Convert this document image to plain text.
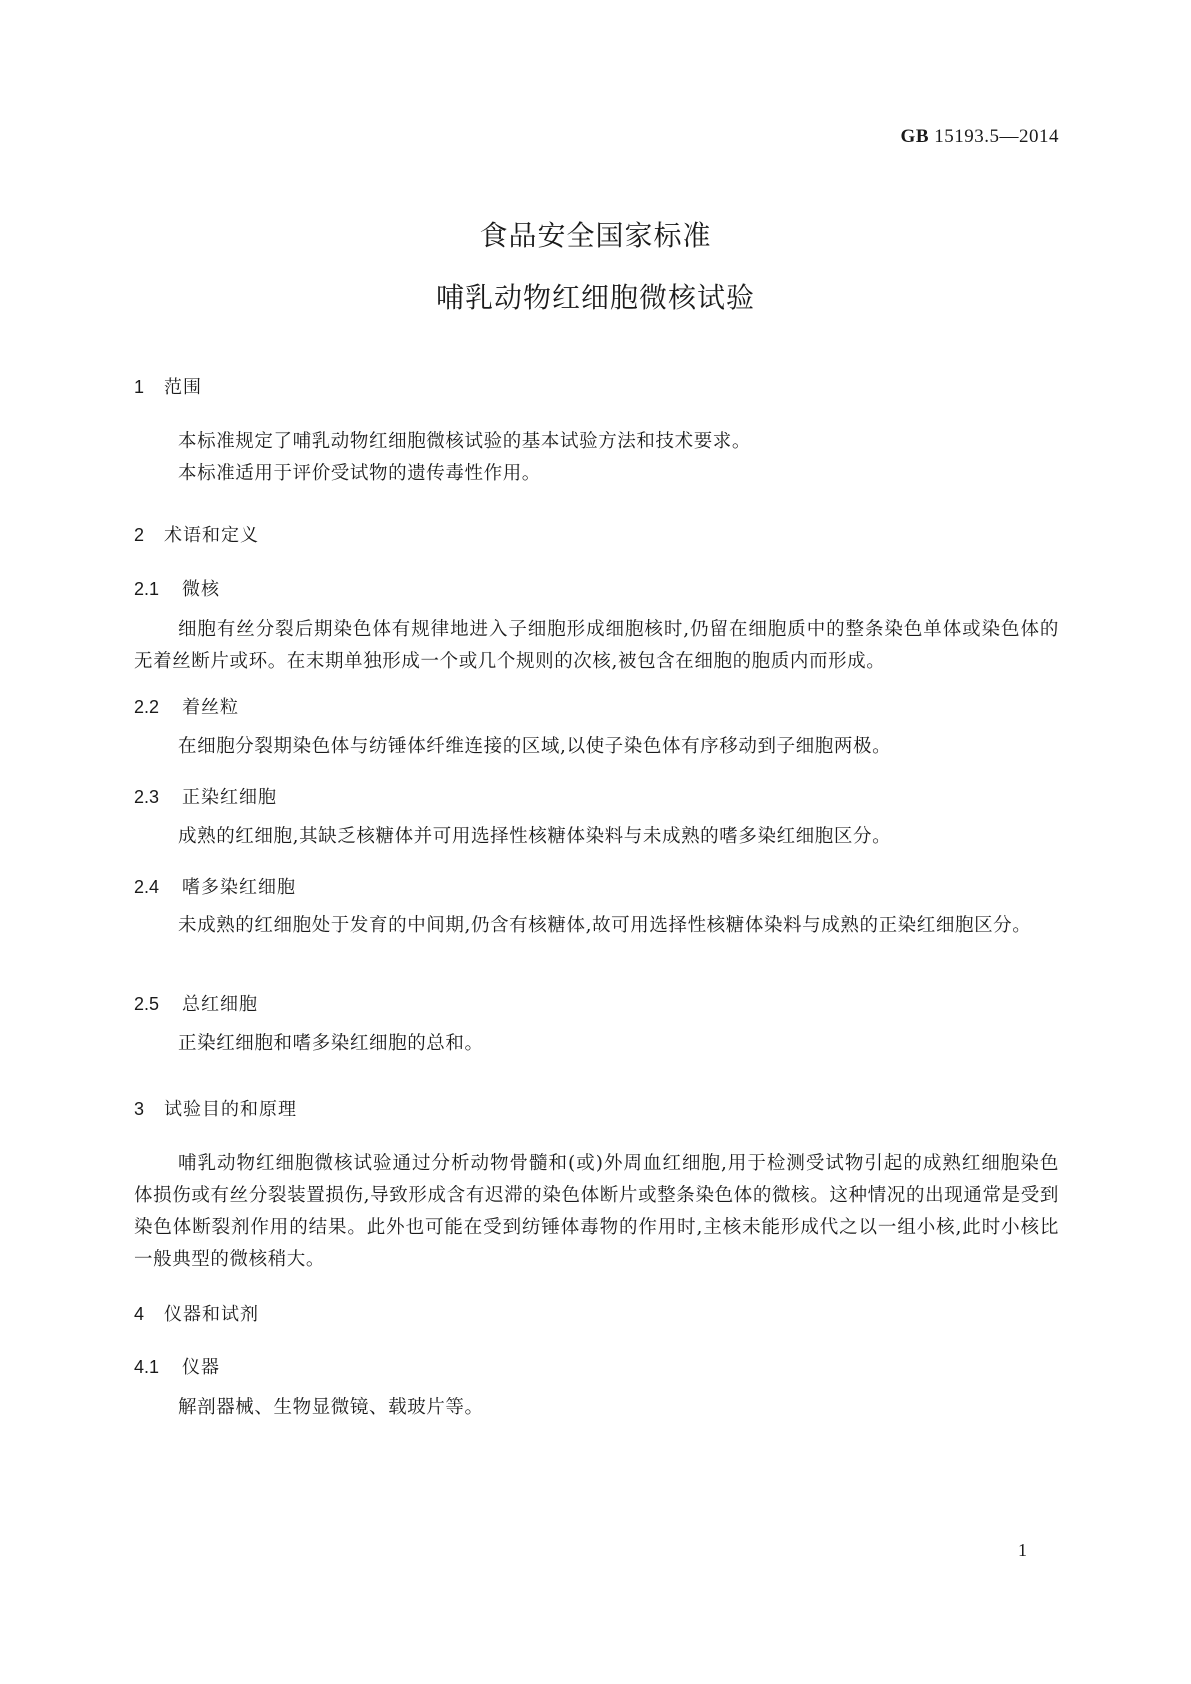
GB 15193.5—2014
食品安全国家标准
哺乳动物红细胞微核试验
1 范围
本标准规定了哺乳动物红细胞微核试验的基本试验方法和技术要求。
本标准适用于评价受试物的遗传毒性作用。
2 术语和定义
2.1 微核
细胞有丝分裂后期染色体有规律地进入子细胞形成细胞核时,仍留在细胞质中的整条染色单体或染色体的无着丝断片或环。在末期单独形成一个或几个规则的次核,被包含在细胞的胞质内而形成。
2.2 着丝粒
在细胞分裂期染色体与纺锤体纤维连接的区域,以使子染色体有序移动到子细胞两极。
2.3 正染红细胞
成熟的红细胞,其缺乏核糖体并可用选择性核糖体染料与未成熟的嗜多染红细胞区分。
2.4 嗜多染红细胞
未成熟的红细胞处于发育的中间期,仍含有核糖体,故可用选择性核糖体染料与成熟的正染红细胞区分。
2.5 总红细胞
正染红细胞和嗜多染红细胞的总和。
3 试验目的和原理
哺乳动物红细胞微核试验通过分析动物骨髓和(或)外周血红细胞,用于检测受试物引起的成熟红细胞染色体损伤或有丝分裂装置损伤,导致形成含有迟滞的染色体断片或整条染色体的微核。这种情况的出现通常是受到染色体断裂剂作用的结果。此外也可能在受到纺锤体毒物的作用时,主核未能形成代之以一组小核,此时小核比一般典型的微核稍大。
4 仪器和试剂
4.1 仪器
解剖器械、生物显微镜、载玻片等。
1
